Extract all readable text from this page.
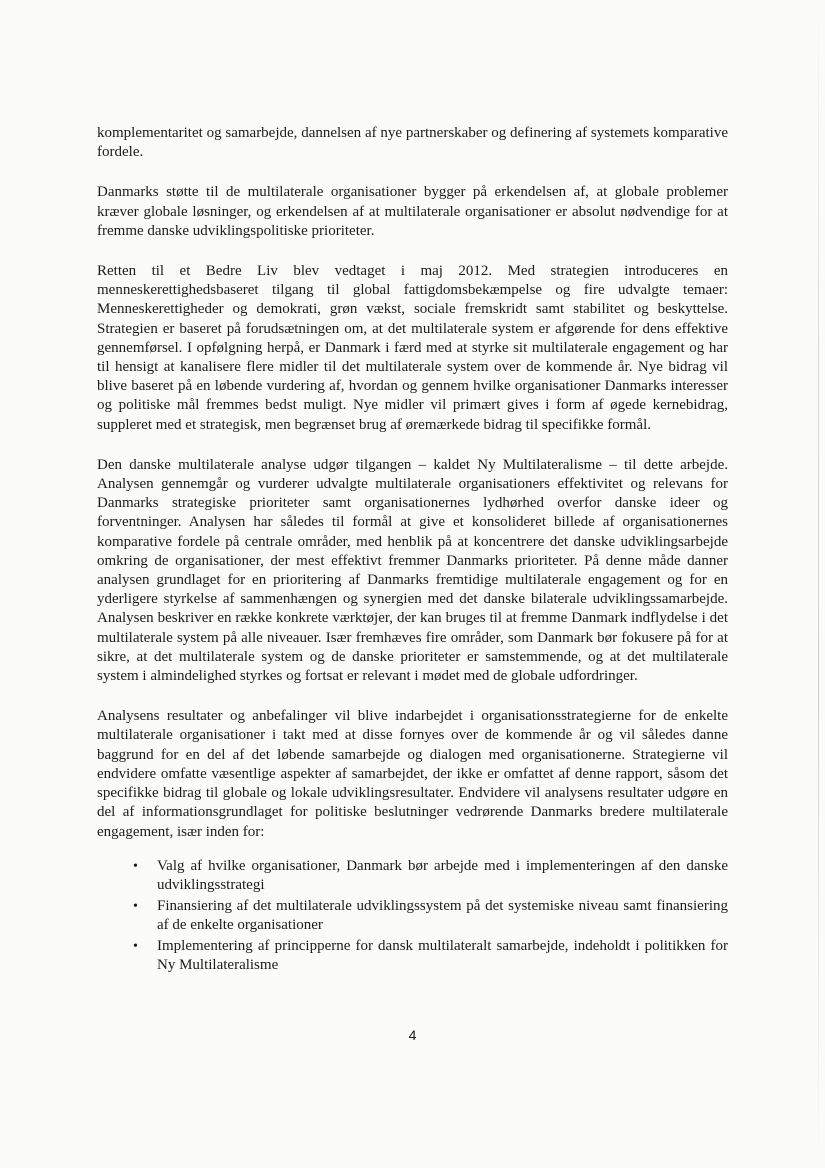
komplementaritet og samarbejde, dannelsen af nye partnerskaber og definering af systemets komparative fordele.

Danmarks støtte til de multilaterale organisationer bygger på erkendelsen af, at globale problemer kræver globale løsninger, og erkendelsen af at multilaterale organisationer er absolut nødvendige for at fremme danske udviklingspolitiske prioriteter.

Retten til et Bedre Liv blev vedtaget i maj 2012. Med strategien introduceres en menneskerettighedsbaseret tilgang til global fattigdomsbekæmpelse og fire udvalgte temaer: Menneskerettigheder og demokrati, grøn vækst, sociale fremskridt samt stabilitet og beskyttelse. Strategien er baseret på forudsætningen om, at det multilaterale system er afgørende for dens effektive gennemførsel. I opfølgning herpå, er Danmark i færd med at styrke sit multilaterale engagement og har til hensigt at kanalisere flere midler til det multilaterale system over de kommende år. Nye bidrag vil blive baseret på en løbende vurdering af, hvordan og gennem hvilke organisationer Danmarks interesser og politiske mål fremmes bedst muligt. Nye midler vil primært gives i form af øgede kernebidrag, suppleret med et strategisk, men begrænset brug af øremærkede bidrag til specifikke formål.

Den danske multilaterale analyse udgør tilgangen – kaldet Ny Multilateralisme – til dette arbejde. Analysen gennemgår og vurderer udvalgte multilaterale organisationers effektivitet og relevans for Danmarks strategiske prioriteter samt organisationernes lydhørhed overfor danske ideer og forventninger. Analysen har således til formål at give et konsolideret billede af organisationernes komparative fordele på centrale områder, med henblik på at koncentrere det danske udviklingsarbejde omkring de organisationer, der mest effektivt fremmer Danmarks prioriteter. På denne måde danner analysen grundlaget for en prioritering af Danmarks fremtidige multilaterale engagement og for en yderligere styrkelse af sammenhængen og synergien med det danske bilaterale udviklingssamarbejde. Analysen beskriver en række konkrete værktøjer, der kan bruges til at fremme Danmark indflydelse i det multilaterale system på alle niveauer. Især fremhæves fire områder, som Danmark bør fokusere på for at sikre, at det multilaterale system og de danske prioriteter er samstemmende, og at det multilaterale system i almindelighed styrkes og fortsat er relevant i mødet med de globale udfordringer.

Analysens resultater og anbefalinger vil blive indarbejdet i organisationsstrategierne for de enkelte multilaterale organisationer i takt med at disse fornyes over de kommende år og vil således danne baggrund for en del af det løbende samarbejde og dialogen med organisationerne. Strategierne vil endvidere omfatte væsentlige aspekter af samarbejdet, der ikke er omfattet af denne rapport, såsom det specifikke bidrag til globale og lokale udviklingsresultater. Endvidere vil analysens resultater udgøre en del af informationsgrundlaget for politiske beslutninger vedrørende Danmarks bredere multilaterale engagement, især inden for:

• Valg af hvilke organisationer, Danmark bør arbejde med i implementeringen af den danske udviklingsstrategi
• Finansiering af det multilaterale udviklingssystem på det systemiske niveau samt finansiering af de enkelte organisationer
• Implementering af principperne for dansk multilateralt samarbejde, indeholdt i politikken for Ny Multilateralisme
4
